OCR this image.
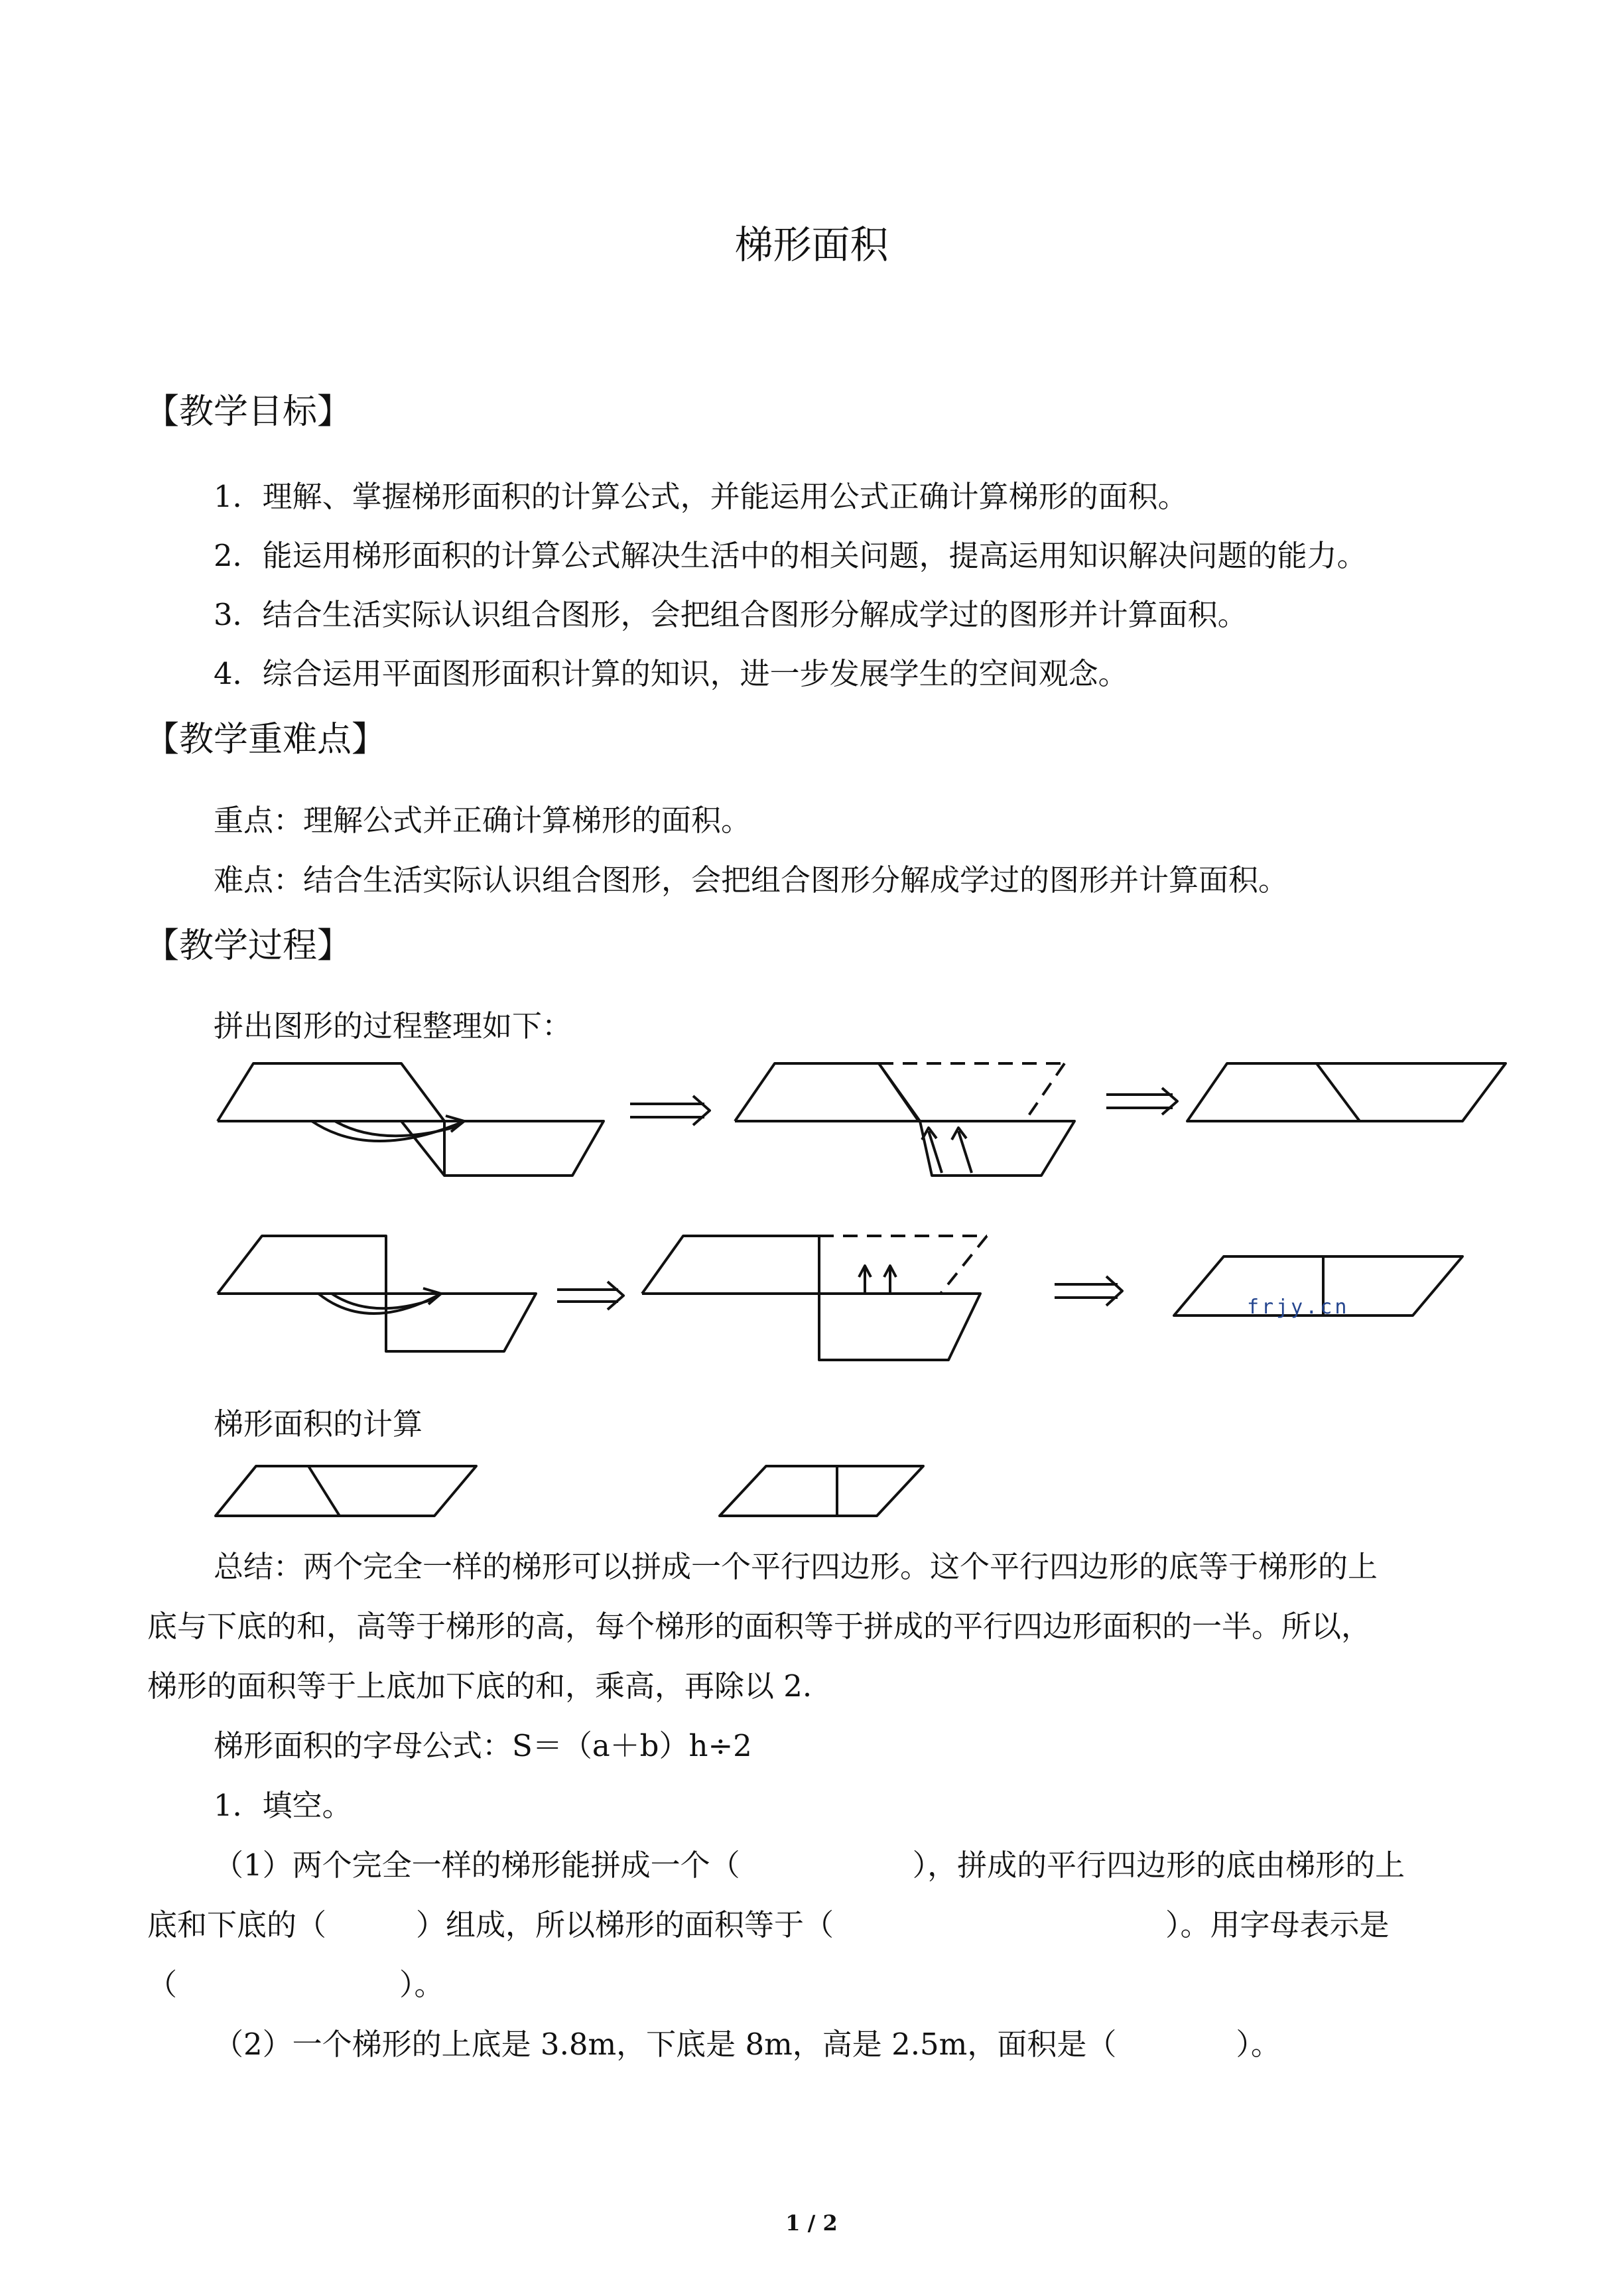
梯形面积
【教学目标】
1．理解、掌握梯形面积的计算公式，并能运用公式正确计算梯形的面积。
2．能运用梯形面积的计算公式解决生活中的相关问题，提高运用知识解决问题的能力。
3．结合生活实际认识组合图形，会把组合图形分解成学过的图形并计算面积。
4．综合运用平面图形面积计算的知识，进一步发展学生的空间观念。
【教学重难点】
重点：理解公式并正确计算梯形的面积。
难点：结合生活实际认识组合图形，会把组合图形分解成学过的图形并计算面积。
【教学过程】
拼出图形的过程整理如下：
frjy.cn
梯形面积的计算
总结：两个完全一样的梯形可以拼成一个平行四边形。这个平行四边形的底等于梯形的上
底与下底的和，高等于梯形的高，每个梯形的面积等于拼成的平行四边形面积的一半。所以，
梯形的面积等于上底加下底的和，乘高，再除以 2.
梯形面积的字母公式：S＝（a＋b）h÷2
1．填空。
（1）两个完全一样的梯形能拼成一个（	），拼成的平行四边形的底由梯形的上
底和下底的（	）组成，所以梯形的面积等于（	）。用字母表示是
（	）。
（2）一个梯形的上底是 3.8m，下底是 8m，高是 2.5m，面积是（	）。
1 / 2
